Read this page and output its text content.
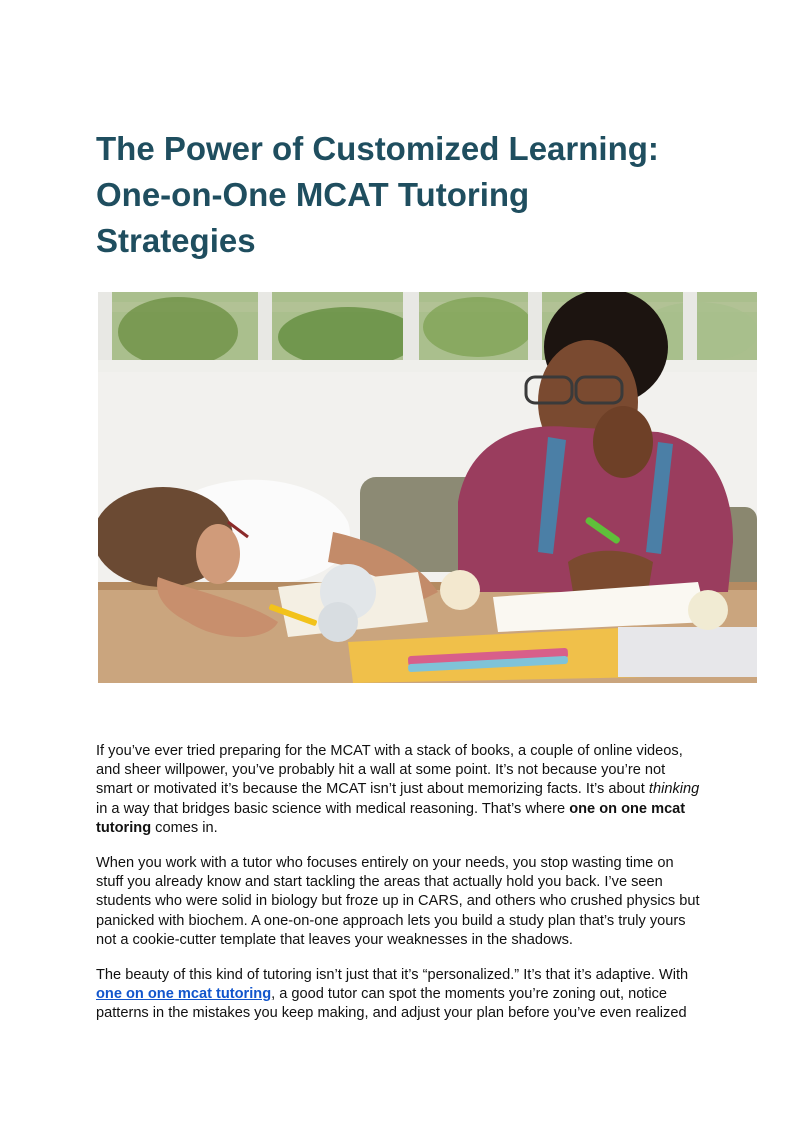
The Power of Customized Learning:
One-on-One MCAT Tutoring
Strategies

If you’ve ever tried preparing for the MCAT with a stack of books, a couple of online videos, and sheer willpower, you’ve probably hit a wall at some point. It’s not because you’re not smart or motivated it’s because the MCAT isn’t just about memorizing facts. It’s about thinking in a way that bridges basic science with medical reasoning. That’s where one on one mcat tutoring comes in.

When you work with a tutor who focuses entirely on your needs, you stop wasting time on stuff you already know and start tackling the areas that actually hold you back. I’ve seen students who were solid in biology but froze up in CARS, and others who crushed physics but panicked with biochem. A one-on-one approach lets you build a study plan that’s truly yours not a cookie-cutter template that leaves your weaknesses in the shadows.

The beauty of this kind of tutoring isn’t just that it’s “personalized.” It’s that it’s adaptive. With one on one mcat tutoring, a good tutor can spot the moments you’re zoning out, notice patterns in the mistakes you keep making, and adjust your plan before you’ve even realized
